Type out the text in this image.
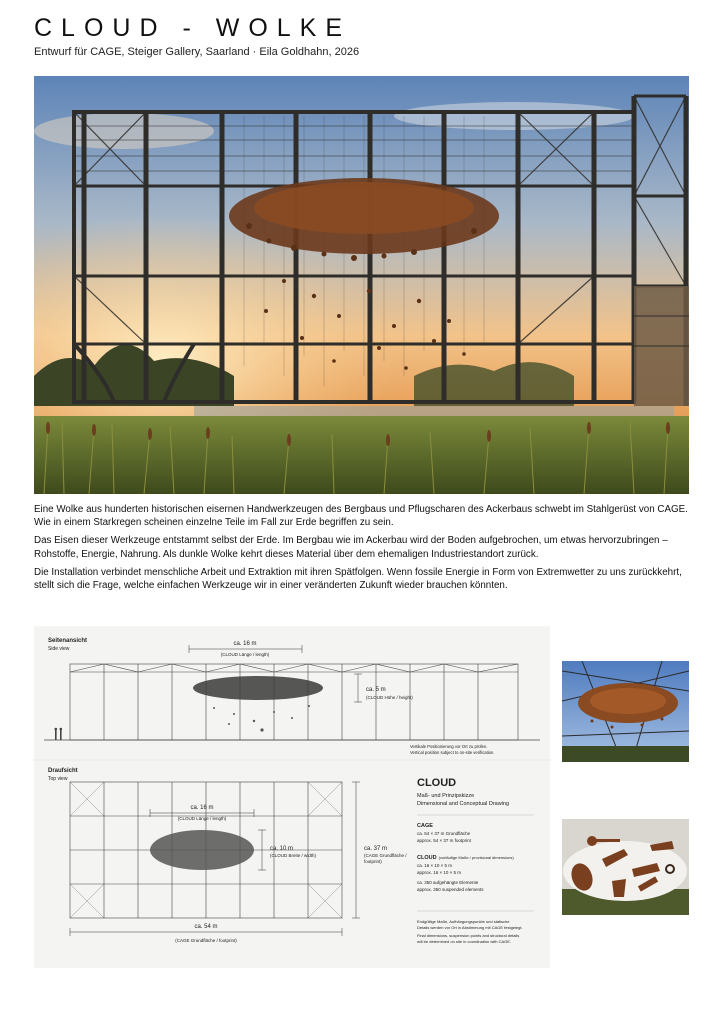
CLOUD - WOLKE
Entwurf für CAGE, Steiger Gallery, Saarland · Eila Goldhahn, 2026

Eine Wolke aus hunderten historischen eisernen Handwerkzeugen des Bergbaus und Pflugscharen des Ackerbaus schwebt im Stahlgerüst von CAGE. Wie in einem Starkregen scheinen einzelne Teile im Fall zur Erde begriffen zu sein.

Das Eisen dieser Werkzeuge entstammt selbst der Erde. Im Bergbau wie im Ackerbau wird der Boden aufgebrochen, um etwas hervorzubringen – Rohstoffe, Energie, Nahrung. Als dunkle Wolke kehrt dieses Material über dem ehemaligen Industriestandort zurück.

Die Installation verbindet menschliche Arbeit und Extraktion mit ihren Spätfolgen. Wenn fossile Energie in Form von Extremwetter zu uns zurückkehrt, stellt sich die Frage, welche einfachen Werkzeuge wir in einer veränderten Zukunft wieder brauchen könnten.

Seitenansicht
Side view
ca. 16 m
(CLOUD Länge / length)
ca. 5 m
(CLOUD Höhe / height)
Vertikale Positionierung vor Ort zu prüfen.
Vertical position subject to on-site verification.
Draufsicht
Top view
ca. 16 m
(CLOUD Länge / length)
ca. 10 m
(CLOUD Breite / width)
ca. 37 m
(CAGE Grundfläche /
footprint)
ca. 54 m
(CAGE Grundfläche / footprint)
CLOUD
Maß- und Prinzipskizze
Dimensional and Conceptual Drawing
CAGE
ca. 54 × 37 m Grundfläche
approx. 54 × 37 m footprint
CLOUD (vorläufige Maße / provisional dimensions)
ca. 16 × 10 × 5 m
approx. 16 × 10 × 5 m
ca. 350 aufgehängte Elemente
approx. 350 suspended elements
Endgültige Maße, Aufhängungspunkte und statische
Details werden vor Ort in Abstimmung mit CAGE festgelegt.
Final dimensions, suspension points and structural details
will be determined on site in coordination with CAGE.
